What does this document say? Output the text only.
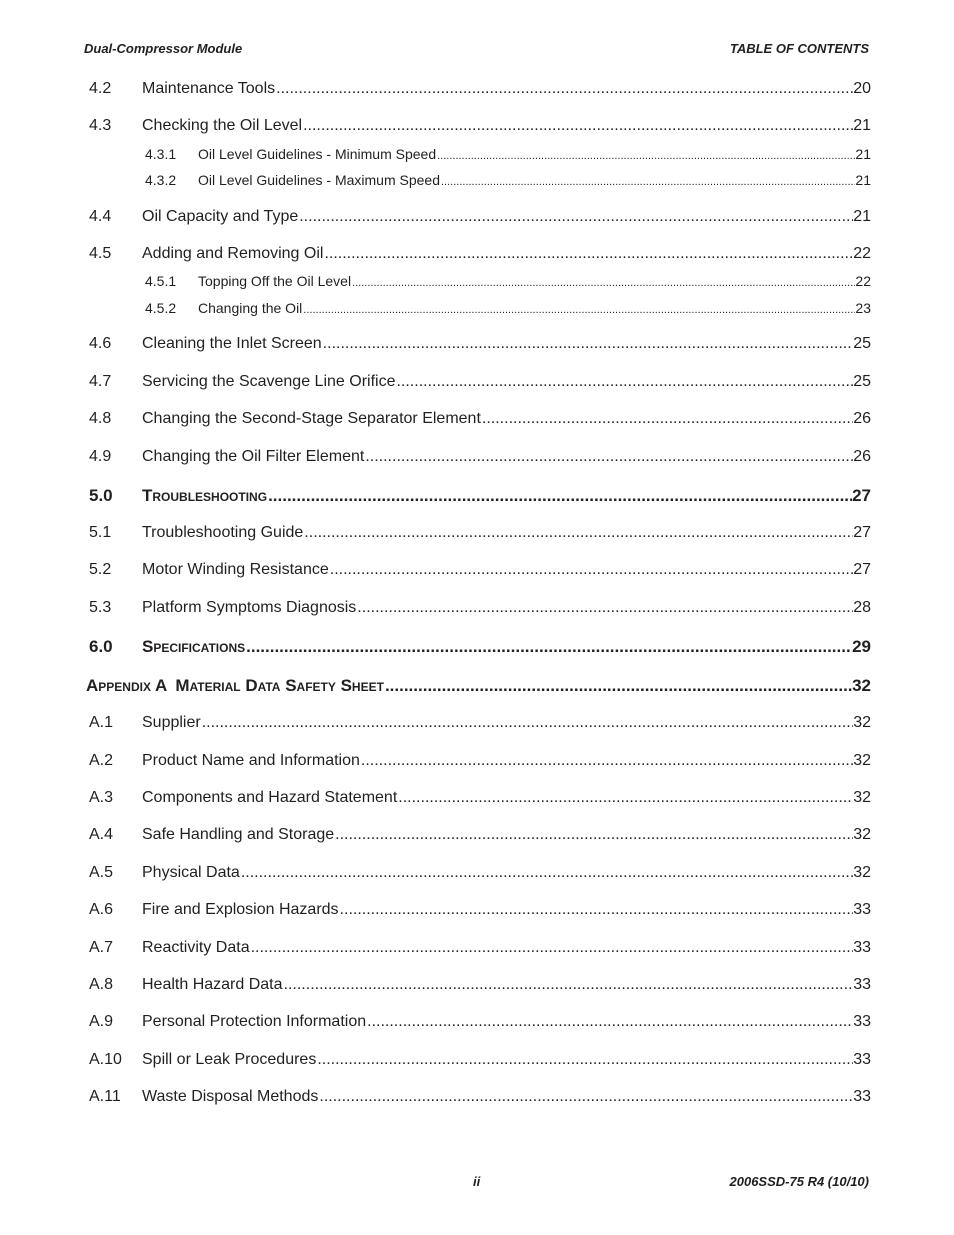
Dual-Compressor Module	TABLE OF CONTENTS
4.2	Maintenance Tools .....	20
4.3	Checking the Oil Level .....	21
4.3.1	Oil Level Guidelines - Minimum Speed .....	21
4.3.2	Oil Level Guidelines - Maximum Speed .....	21
4.4	Oil Capacity and Type .....	21
4.5	Adding and Removing Oil .....	22
4.5.1	Topping Off the Oil Level .....	22
4.5.2	Changing the Oil .....	23
4.6	Cleaning the Inlet Screen .....	25
4.7	Servicing the Scavenge Line Orifice .....	25
4.8	Changing the Second-Stage Separator Element .....	26
4.9	Changing the Oil Filter Element .....	26
5.0	Troubleshooting .....	27
5.1	Troubleshooting Guide .....	27
5.2	Motor Winding Resistance .....	27
5.3	Platform Symptoms Diagnosis .....	28
6.0	Specifications .....	29
Appendix A Material Data Safety Sheet .....	32
A.1	Supplier .....	32
A.2	Product Name and Information .....	32
A.3	Components and Hazard Statement .....	32
A.4	Safe Handling and Storage .....	32
A.5	Physical Data .....	32
A.6	Fire and Explosion Hazards .....	33
A.7	Reactivity Data .....	33
A.8	Health Hazard Data .....	33
A.9	Personal Protection Information .....	33
A.10	Spill or Leak Procedures .....	33
A.11	Waste Disposal Methods .....	33
ii	2006SSD-75 R4 (10/10)
